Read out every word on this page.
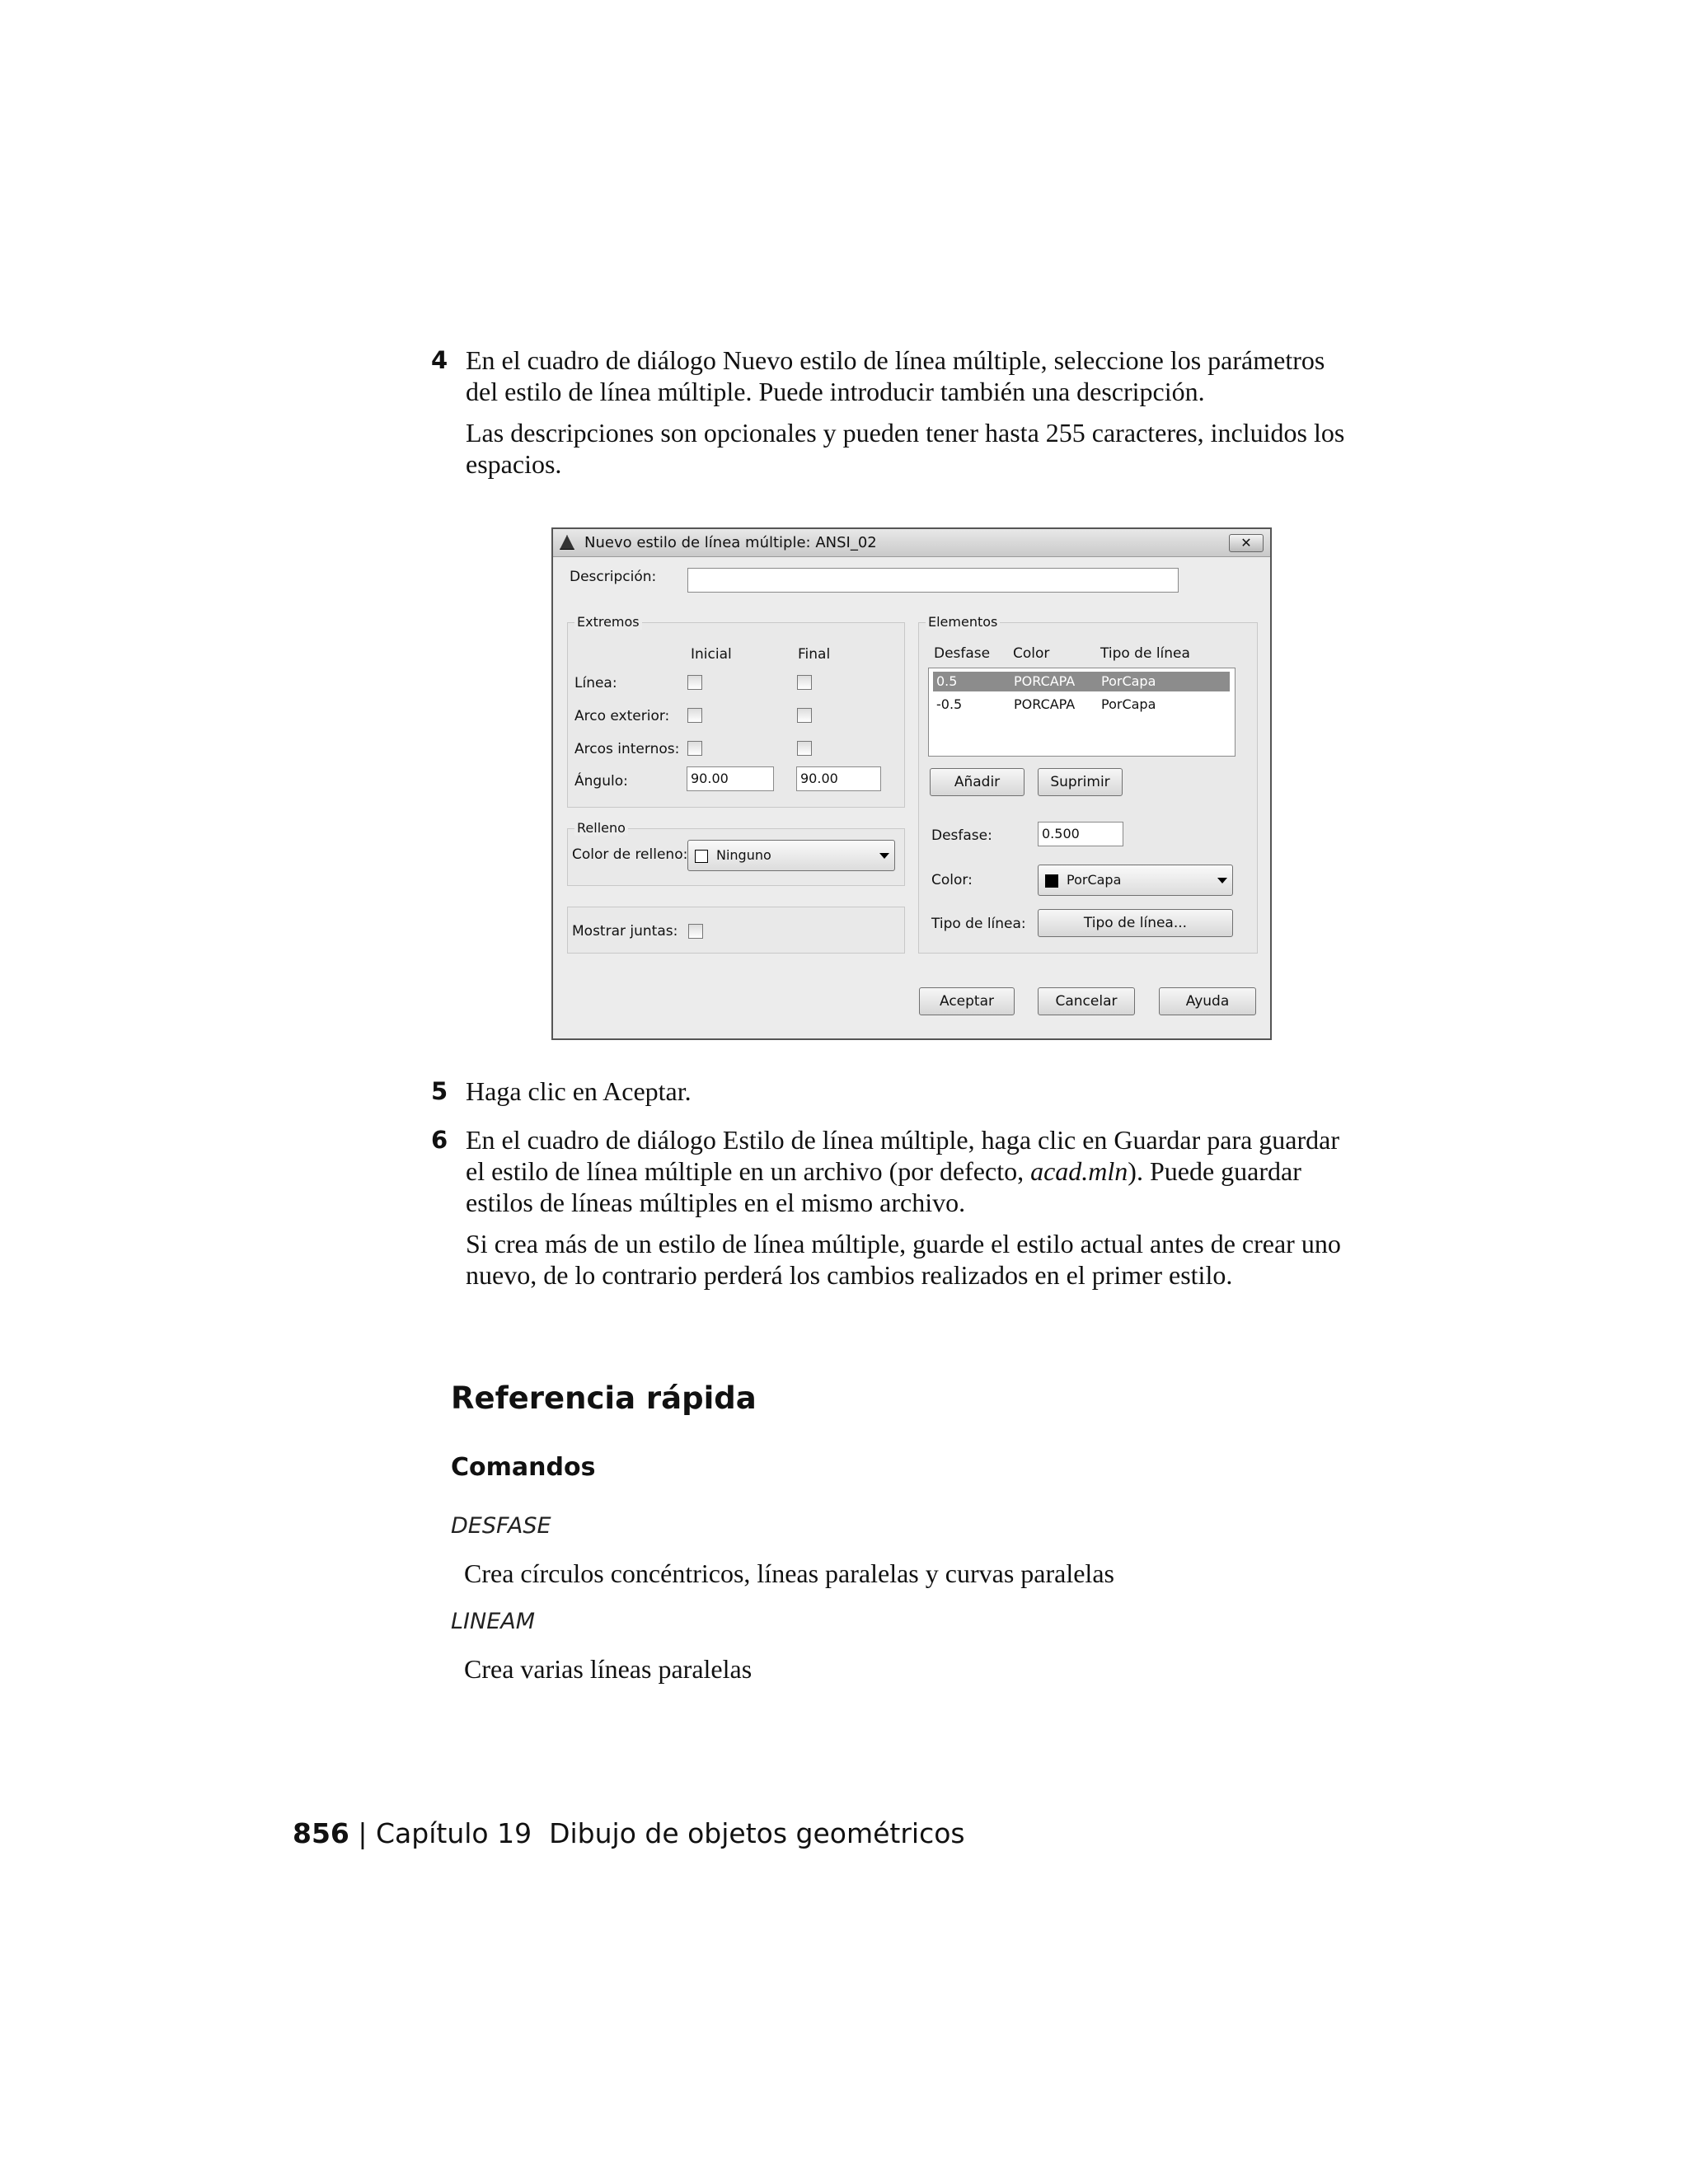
4 En el cuadro de diálogo Nuevo estilo de línea múltiple, seleccione los parámetros del estilo de línea múltiple. Puede introducir también una descripción.

Las descripciones son opcionales y pueden tener hasta 255 caracteres, incluidos los espacios.

Nuevo estilo de línea múltiple: ANSI_02	✕
Descripción:
Extremos
Inicial	Final
Línea:
Arco exterior:
Arcos internos:
Ángulo:	90.00	90.00
Relleno
Color de relleno: Ninguno
Mostrar juntas:
Elementos
Desfase Color	Tipo de línea
0.5	PORCAPA PorCapa
-0.5	PORCAPA PorCapa
Añadir	Suprimir
Desfase:	0.500
Color:	PorCapa
Tipo de línea:	Tipo de línea...
Aceptar	Cancelar	Ayuda
5 Haga clic en Aceptar.

6 En el cuadro de diálogo Estilo de línea múltiple, haga clic en Guardar para guardar el estilo de línea múltiple en un archivo (por defecto, acad.mln). Puede guardar estilos de líneas múltiples en el mismo archivo.

Si crea más de un estilo de línea múltiple, guarde el estilo actual antes de crear uno nuevo, de lo contrario perderá los cambios realizados en el primer estilo.

Referencia rápida
Comandos
DESFASE
Crea círculos concéntricos, líneas paralelas y curvas paralelas
LINEAM
Crea varias líneas paralelas
856 | Capítulo 19 Dibujo de objetos geométricos
